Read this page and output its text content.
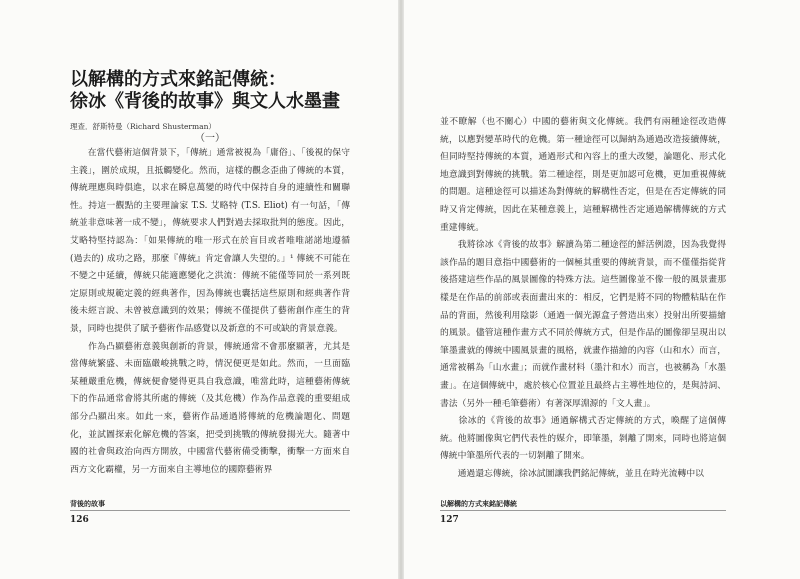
以解構的方式來銘記傳統：
徐冰《背後的故事》與文人水墨畫
理查．舒斯特曼（Richard Shusterman）
（一）

　　在當代藝術這個背景下，「傳統」通常被視為「庸俗」、「後視的保守主義」，圍於成規，且抵觸變化。然而，這樣的觀念歪曲了傳統的本質，傳統理應與時俱進，以求在瞬息萬變的時代中保持自身的連續性和關聯性。持這一觀點的主要理論家 T.S. 艾略特 (T.S. Eliot) 有一句話，「傳統並非意味著一成不變」，傳統要求人們對過去採取批判的態度。因此，艾略特堅持認為：「如果傳統的唯一形式在於盲目或者唯唯諾諾地遵循 (過去的) 成功之路，那麼『傳統』肯定會讓人失望的。」¹ 傳統不可能在不變之中延續，傳統只能適應變化之洪流：傳統不能僅等同於一系列既定原則或規範定義的經典著作，因為傳統也囊括這些原則和經典著作背後未經言說、未曾被意識到的效果；傳統不僅提供了藝術創作產生的背景，同時也提供了賦予藝術作品感覺以及新意的不可或缺的背景意義。

　　作為凸顯藝術意義與創新的背景，傳統通常不會那麼顯著，尤其是當傳統繁盛、未面臨嚴峻挑戰之時，情況便更是如此。然而，一旦面臨某種嚴重危機，傳統便會變得更具自我意識，唯當此時，這種藝術傳統下的作品通常會將其所處的傳統（及其危機）作為作品意義的重要組成部分凸顯出來。如此一來，藝術作品通過將傳統的危機論題化、問題化，並試圖探索化解危機的答案，把受到挑戰的傳統發揚光大。隨著中國的社會與政治向西方開放，中國當代藝術備受衝擊，衝擊一方面來自西方文化霸權，另一方面來自主導地位的國際藝術界

背後的故事
126

並不瞭解（也不關心）中國的藝術與文化傳統。我們有兩種途徑改造傳統，以應對變革時代的危機。第一種途徑可以歸納為通過改造接續傳統，但同時堅持傳統的本質，通過形式和內容上的重大改變，論題化、形式化地意識到對傳統的挑戰。第二種途徑，則是更加認可危機，更加重視傳統的問題。這種途徑可以描述為對傳統的解構性否定，但是在否定傳統的同時又肯定傳統，因此在某種意義上，這種解構性否定通過解構傳統的方式重建傳統。

　　我將徐冰《背後的故事》解讀為第二種途徑的鮮活例證，因為我覺得該作品的題目意指中國藝術的一個極其重要的傳統背景，而不僅僅指從背後搭建這些作品的風景圖像的特殊方法。這些圖像並不像一般的風景畫那樣是在作品的前部或表面畫出來的：相反，它們是將不同的物體粘貼在作品的背面，然後利用陰影（通過一個光源盒子營造出來）投射出所要描繪的風景。儘管這種作畫方式不同於傳統方式，但是作品的圖像卻呈現出以筆墨畫就的傳統中國風景畫的風格，就畫作描繪的內容（山和水）而言，通常被稱為「山水畫」；而就作畫材料（墨汁和水）而言，也被稱為「水墨畫」。在這個傳統中，處於核心位置並且最終占主導性地位的，是與詩詞、書法（另外一種毛筆藝術）有著深厚淵源的「文人畫」。

　　徐冰的《背後的故事》通過解構式否定傳統的方式，喚醒了這個傳統。他將圖像與它們代表性的媒介，即筆墨，剝離了開來，同時也將這個傳統中筆墨所代表的一切剝離了開來。

　　通過還忘傳統，徐冰試圖讓我們銘記傳統，並且在時光流轉中以

以解構的方式來銘記傳統
127
